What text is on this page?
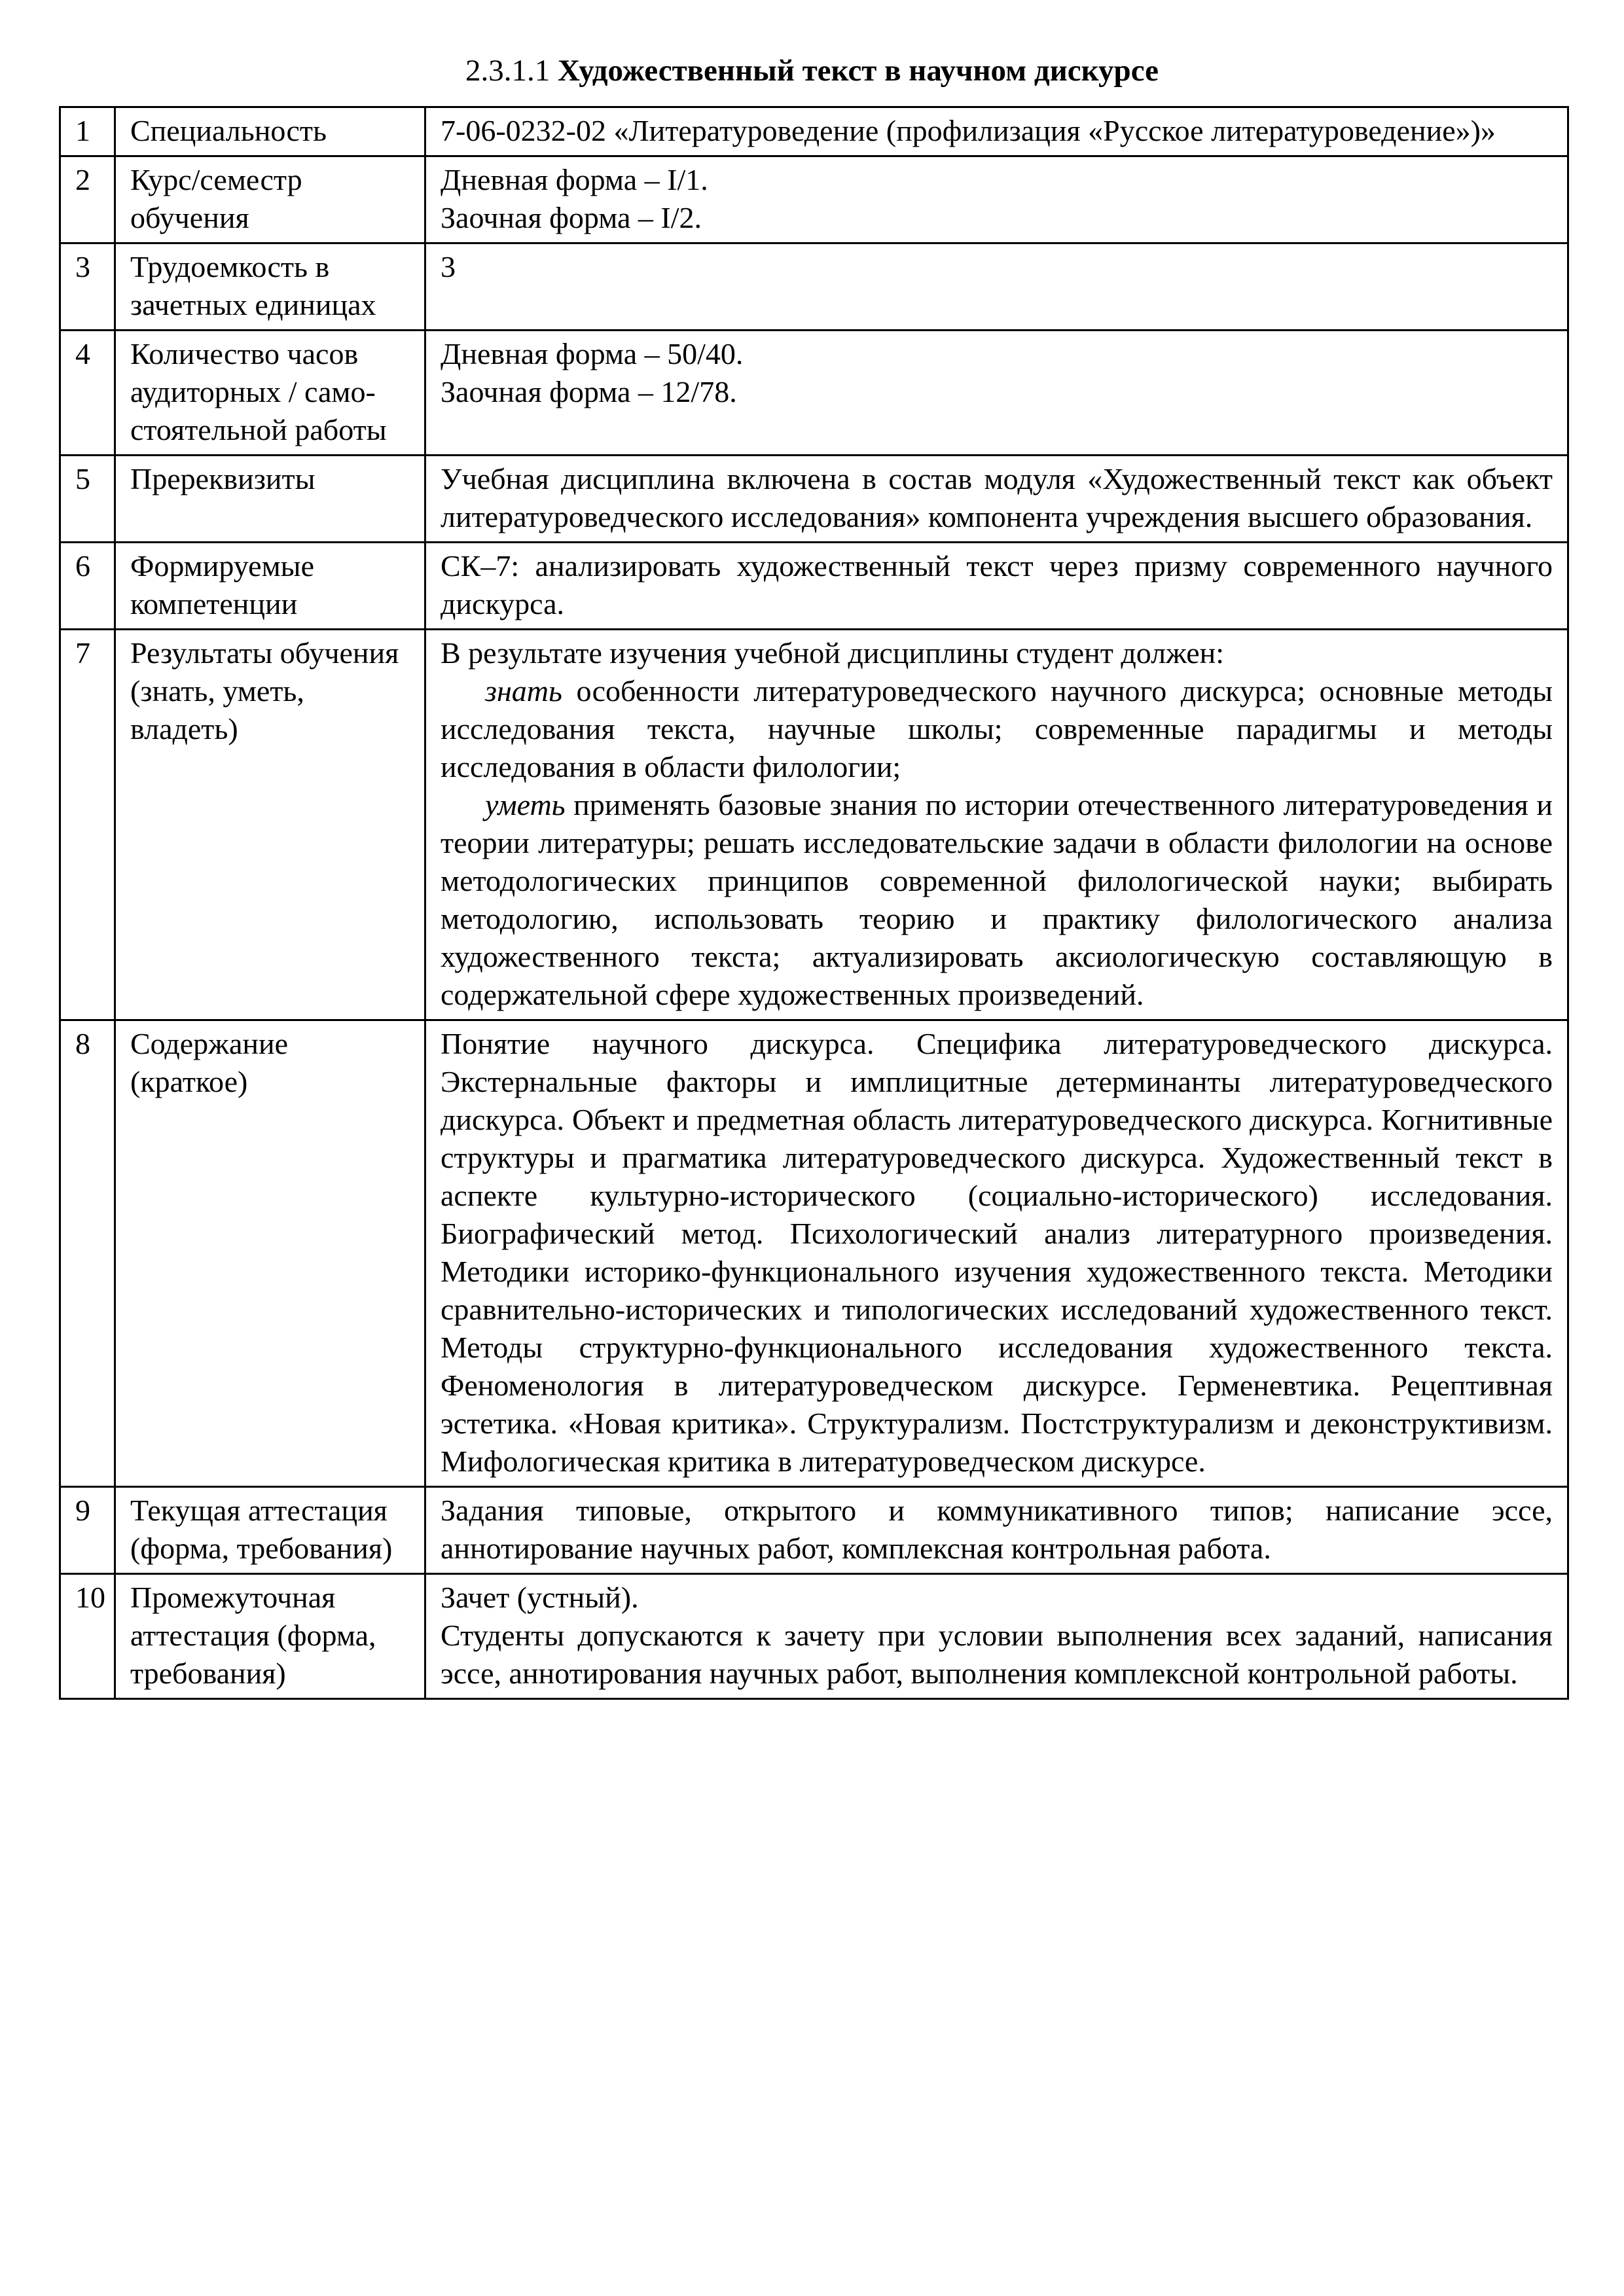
2.3.1.1 Художественный текст в научном дискурсе
1	Специальность	7-06-0232-02 «Литературоведение (профилизация «Русское литературоведение»)»

2	Курс/семестр обучения	Дневная форма – I/1.
Заочная форма – I/2.

3	Трудоемкость в зачетных единицах	3

4	Количество часов аудиторных / само-стоятельной работы	Дневная форма – 50/40.
Заочная форма – 12/78.

5	Пререквизиты	Учебная дисциплина включена в состав модуля «Художественный текст как объект литературоведческого исследования» компонента учреждения высшего образования.

6	Формируемые компетенции	СК–7: анализировать художественный текст через призму современного научного дискурса.

7	Результаты обучения (знать, уметь, владеть)	В результате изучения учебной дисциплины студент должен:
знать особенности литературоведческого научного дискурса; основные методы исследования текста, научные школы; современные парадигмы и методы исследования в области филологии;
уметь применять базовые знания по истории отечественного литературоведения и теории литературы; решать исследовательские задачи в области филологии на основе методологических принципов современной филологической науки; выбирать методологию, использовать теорию и практику филологического анализа художественного текста; актуализировать аксиологическую составляющую в содержательной сфере художественных произведений.

8	Содержание (краткое)	Понятие научного дискурса. Специфика литературоведческого дискурса. Экстернальные факторы и имплицитные детерминанты литературоведческого дискурса. Объект и предметная область литературоведческого дискурса. Когнитивные структуры и прагматика литературоведческого дискурса. Художественный текст в аспекте культурно-исторического (социально-исторического) исследования. Биографический метод. Психологический анализ литературного произведения. Методики историко-функционального изучения художественного текста. Методики сравнительно-исторических и типологических исследований художественного текст. Методы структурно-функционального исследования художественного текста. Феноменология в литературоведческом дискурсе. Герменевтика. Рецептивная эстетика. «Новая критика». Структурализм. Постструктурализм и деконструктивизм. Мифологическая критика в литературоведческом дискурсе.

9	Текущая аттестация (форма, требования)	Задания типовые, открытого и коммуникативного типов; написание эссе, аннотирование научных работ, комплексная контрольная работа.

10	Промежуточная аттестация (форма, требования)	Зачет (устный).
Студенты допускаются к зачету при условии выполнения всех заданий, написания эссе, аннотирования научных работ, выполнения комплексной контрольной работы.
